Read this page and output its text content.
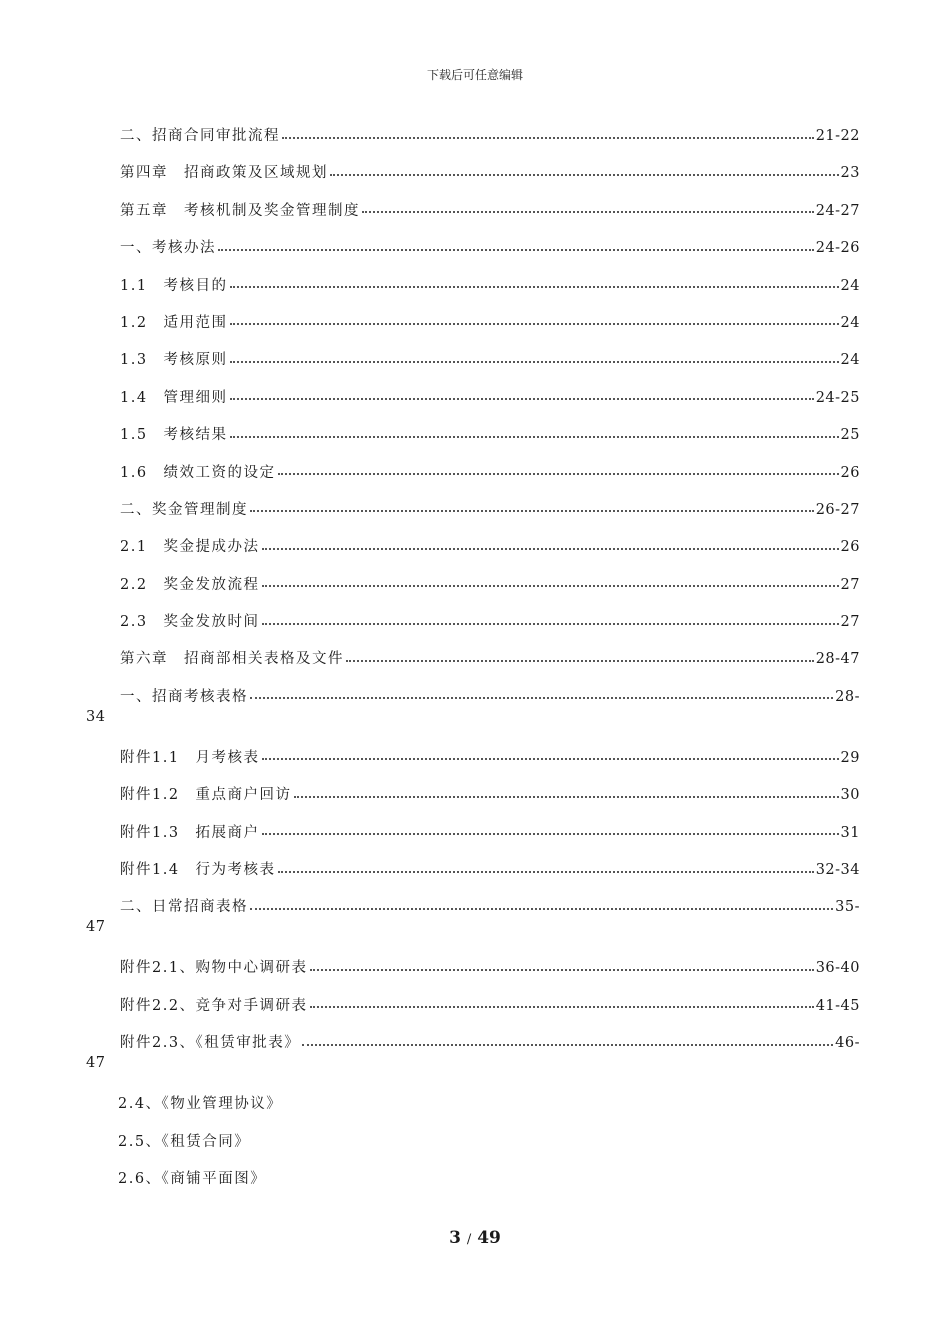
下载后可任意编辑
二、招商合同审批流程	21-22
第四章　招商政策及区域规划	23
第五章　考核机制及奖金管理制度	24-27
一、考核办法	24-26
1.1　考核目的	24
1.2　适用范围	24
1.3　考核原则	24
1.4　管理细则	24-25
1.5　考核结果	25
1.6　绩效工资的设定	26
二、奖金管理制度	26-27
2.1　奖金提成办法	26
2.2　奖金发放流程	27
2.3　奖金发放时间	27
第六章　招商部相关表格及文件	28-47
一、招商考核表格	28-
34
附件1.1　月考核表	29
附件1.2　重点商户回访	30
附件1.3　拓展商户	31
附件1.4　行为考核表	32-34
二、日常招商表格	35-
47
附件2.1、购物中心调研表	36-40
附件2.2、竞争对手调研表	41-45
附件2.3、《租赁审批表》	46-
47
2.4、《物业管理协议》
2.5、《租赁合同》
2.6、《商铺平面图》
3 / 49
